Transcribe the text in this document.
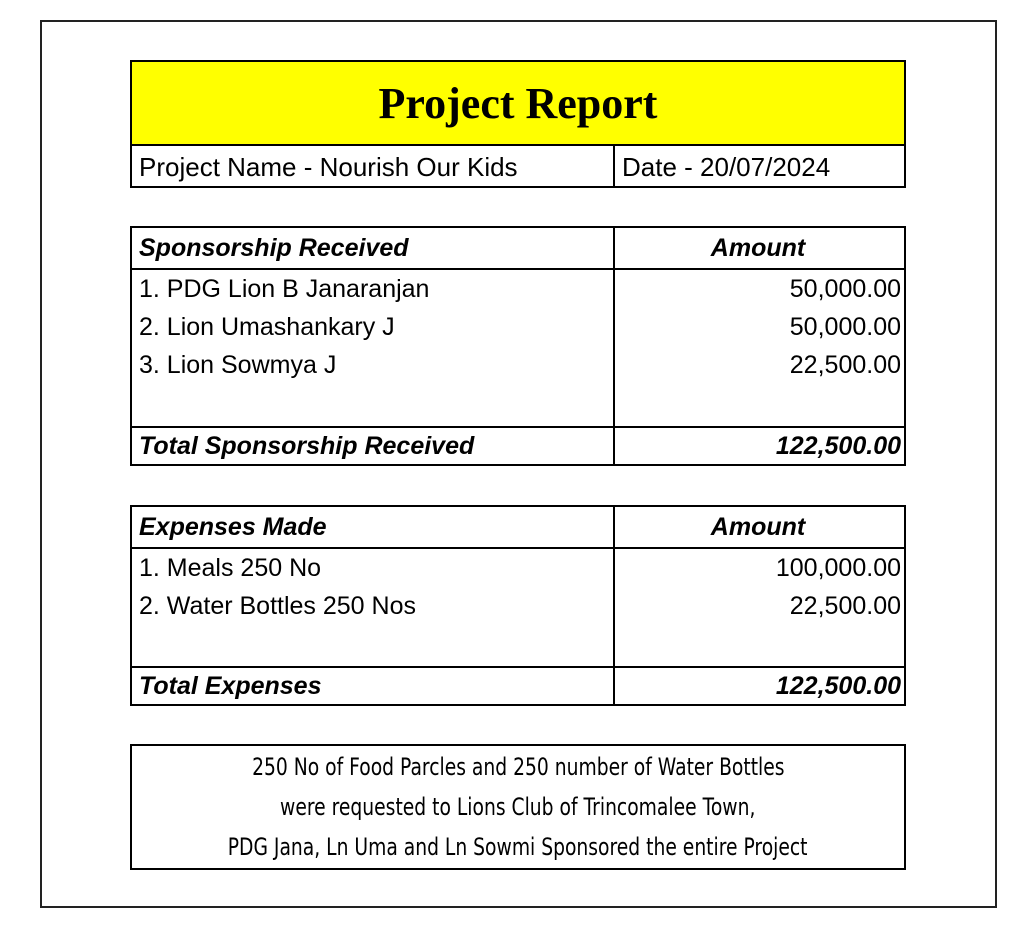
Project Report
Project Name - Nourish Our Kids	Date - 20/07/2024
Sponsorship Received	Amount
1. PDG Lion B Janaranjan	50,000.00
2. Lion Umashankary J	50,000.00
3. Lion Sowmya J	22,500.00
Total Sponsorship Received	122,500.00
Expenses Made	Amount
1. Meals 250 No	100,000.00
2. Water Bottles 250 Nos	22,500.00
Total Expenses	122,500.00
250 No of Food Parcles and 250 number of Water Bottles
were requested to Lions Club of Trincomalee Town,
PDG Jana, Ln Uma and Ln Sowmi Sponsored the entire Project
